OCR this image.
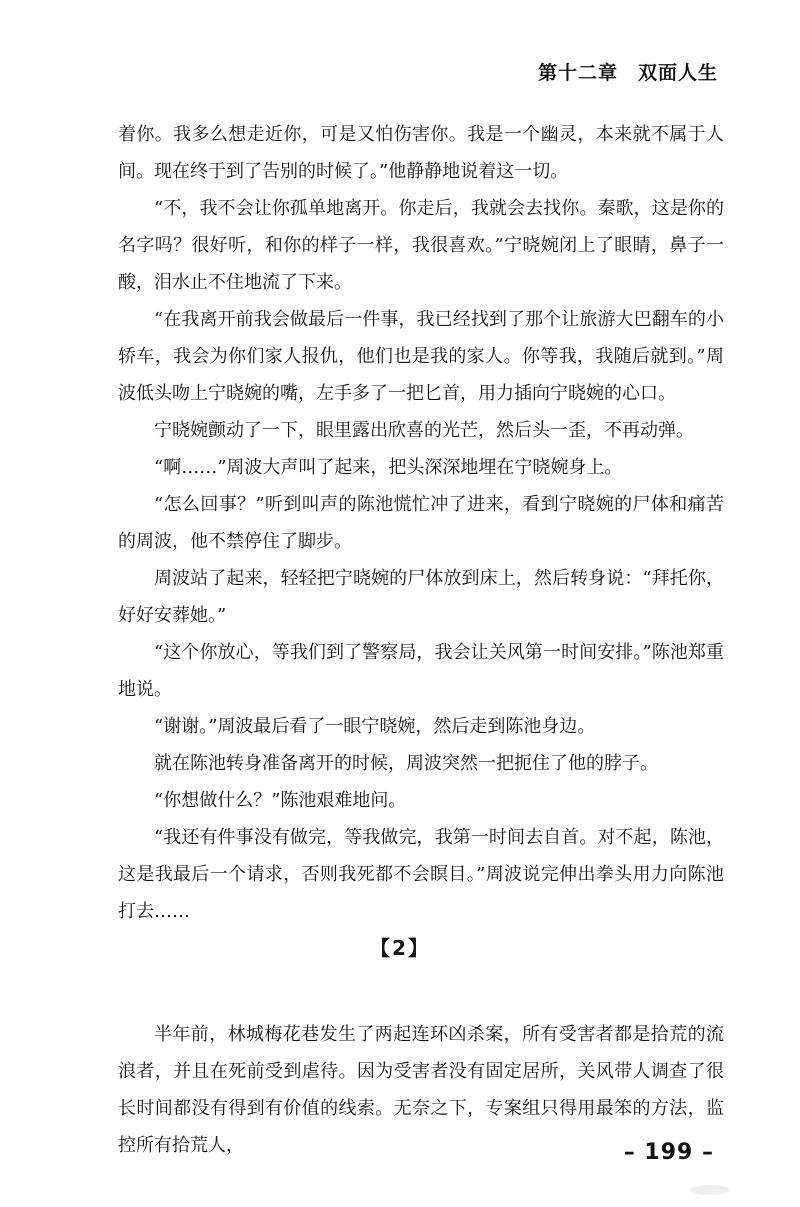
第十二章　双面人生

着你。我多么想走近你，可是又怕伤害你。我是一个幽灵，本来就不属于人间。现在终于到了告别的时候了。”他静静地说着这一切。

“不，我不会让你孤单地离开。你走后，我就会去找你。秦歌，这是你的名字吗？很好听，和你的样子一样，我很喜欢。”宁晓婉闭上了眼睛，鼻子一酸，泪水止不住地流了下来。

“在我离开前我会做最后一件事，我已经找到了那个让旅游大巴翻车的小轿车，我会为你们家人报仇，他们也是我的家人。你等我，我随后就到。”周波低头吻上宁晓婉的嘴，左手多了一把匕首，用力插向宁晓婉的心口。

宁晓婉颤动了一下，眼里露出欣喜的光芒，然后头一歪，不再动弹。

“啊……”周波大声叫了起来，把头深深地埋在宁晓婉身上。

“怎么回事？”听到叫声的陈池慌忙冲了进来，看到宁晓婉的尸体和痛苦的周波，他不禁停住了脚步。

周波站了起来，轻轻把宁晓婉的尸体放到床上，然后转身说：“拜托你，好好安葬她。”

“这个你放心，等我们到了警察局，我会让关风第一时间安排。”陈池郑重地说。

“谢谢。”周波最后看了一眼宁晓婉，然后走到陈池身边。

就在陈池转身准备离开的时候，周波突然一把扼住了他的脖子。

“你想做什么？”陈池艰难地问。

“我还有件事没有做完，等我做完，我第一时间去自首。对不起，陈池，这是我最后一个请求，否则我死都不会瞑目。”周波说完伸出拳头用力向陈池打去……

【2】

半年前，林城梅花巷发生了两起连环凶杀案，所有受害者都是拾荒的流浪者，并且在死前受到虐待。因为受害者没有固定居所，关风带人调查了很长时间都没有得到有价值的线索。无奈之下，专案组只得用最笨的方法，监控所有拾荒人，	– 199 –
